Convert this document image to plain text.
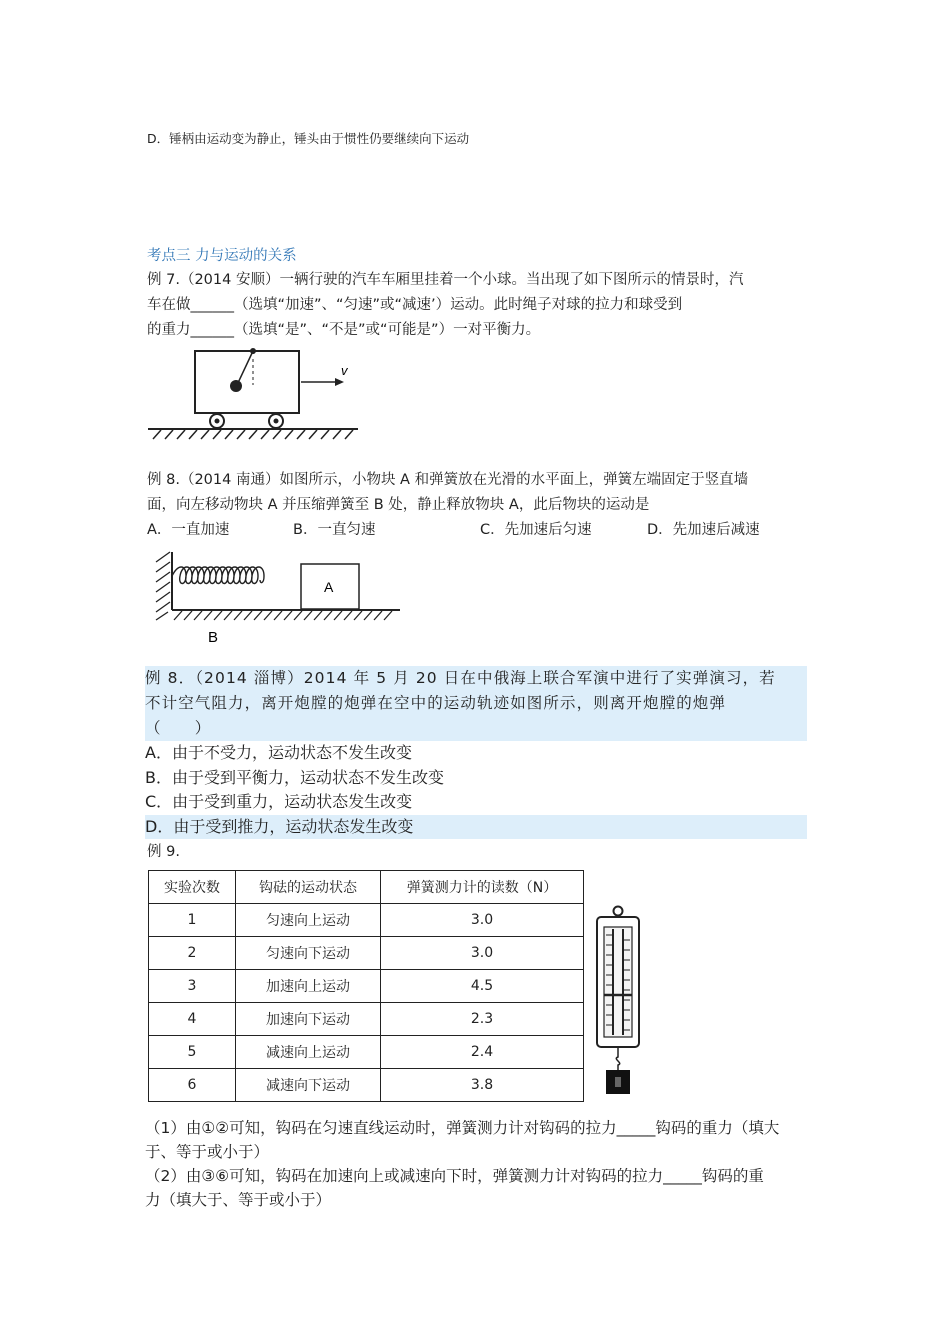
D．锤柄由运动变为静止，锤头由于惯性仍要继续向下运动
考点三 力与运动的关系
例 7.（2014 安顺）一辆行驶的汽车车厢里挂着一个小球。当出现了如下图所示的情景时，汽
车在做______（选填“加速”、“匀速”或“减速’）运动。此时绳子对球的拉力和球受到
的重力______（选填“是”、“不是”或“可能是”）一对平衡力。
v
例 8.（2014 南通）如图所示，小物块 A 和弹簧放在光滑的水平面上，弹簧左端固定于竖直墙
面，向左移动物块 A 并压缩弹簧至 B 处，静止释放物块 A，此后物块的运动是
A．一直加速	B．一直匀速	C．先加速后匀速	D．先加速后减速
A
B
例 8．（2014 淄博）2014 年 5 月 20 日在中俄海上联合军演中进行了实弹演习，若
不计空气阻力，离开炮膛的炮弹在空中的运动轨迹如图所示，则离开炮膛的炮弹
（　　）
A．由于不受力，运动状态不发生改变
B．由于受到平衡力，运动状态不发生改变
C．由于受到重力，运动状态发生改变
D．由于受到推力，运动状态发生改变
例 9.
实验次数	钩砝的运动状态	弹簧测力计的读数（N）
1	匀速向上运动	3.0
2	匀速向下运动	3.0
3	加速向上运动	4.5
4	加速向下运动	2.3
5	减速向上运动	2.4
6	减速向下运动	3.8
（1）由①②可知，钩码在匀速直线运动时，弹簧测力计对钩码的拉力_____钩码的重力（填大
于、等于或小于）
（2）由③⑥可知，钩码在加速向上或减速向下时，弹簧测力计对钩码的拉力_____钩码的重
力（填大于、等于或小于）
